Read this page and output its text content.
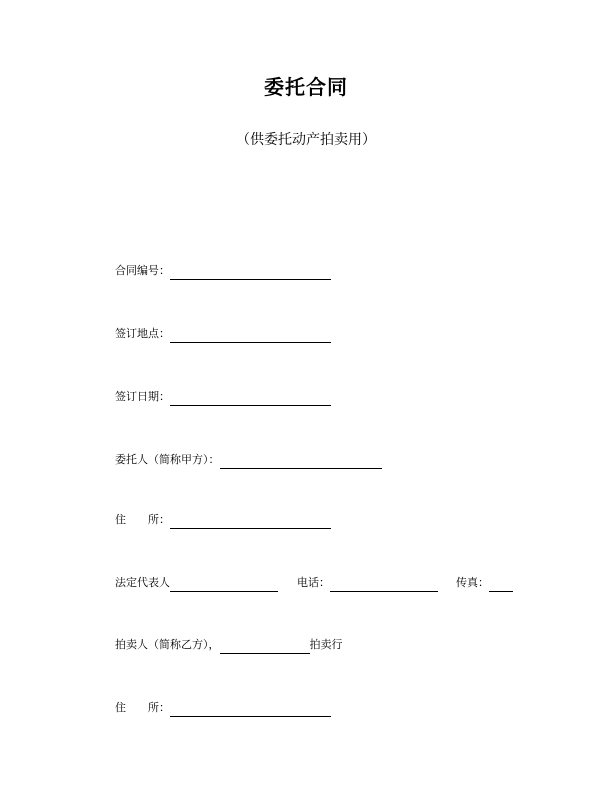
委托合同
（供委托动产拍卖用）
合同编号：
签订地点：
签订日期：
委托人（简称甲方）：
住　　所：
法定代表人	电话：	传真：
拍卖人（简称乙方），	拍卖行
住　　所：
